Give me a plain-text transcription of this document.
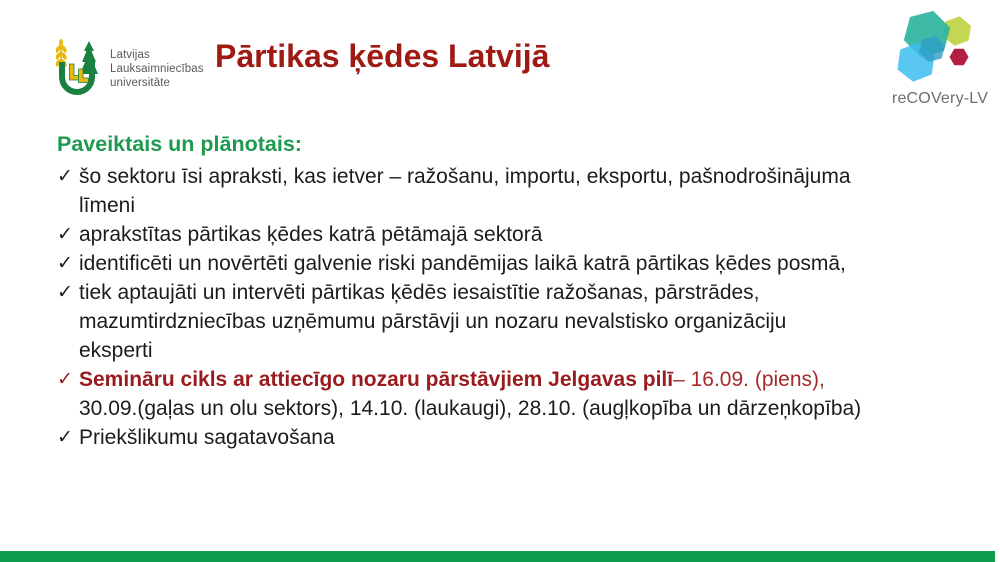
Latvijas
Lauksaimniecības
universitāte
Pārtikas ķēdes Latvijā
reCOVery-LV
Paveiktais un plānotais:
✓ šo sektoru īsi apraksti, kas ietver – ražošanu, importu, eksportu, pašnodrošinājuma
līmeni
✓ aprakstītas pārtikas ķēdes katrā pētāmajā sektorā
✓ identificēti un novērtēti galvenie riski pandēmijas laikā katrā pārtikas ķēdes posmā,
✓ tiek aptaujāti un intervēti pārtikas ķēdēs iesaistītie ražošanas, pārstrādes,
mazumtirdzniecības uzņēmumu pārstāvji un nozaru nevalstisko organizāciju
eksperti
✓ Semināru cikls ar attiecīgo nozaru pārstāvjiem Jelgavas pilī– 16.09. (piens),
30.09.(gaļas un olu sektors), 14.10. (laukaugi), 28.10. (augļkopība un dārzeņkopība)
✓ Priekšlikumu sagatavošana
